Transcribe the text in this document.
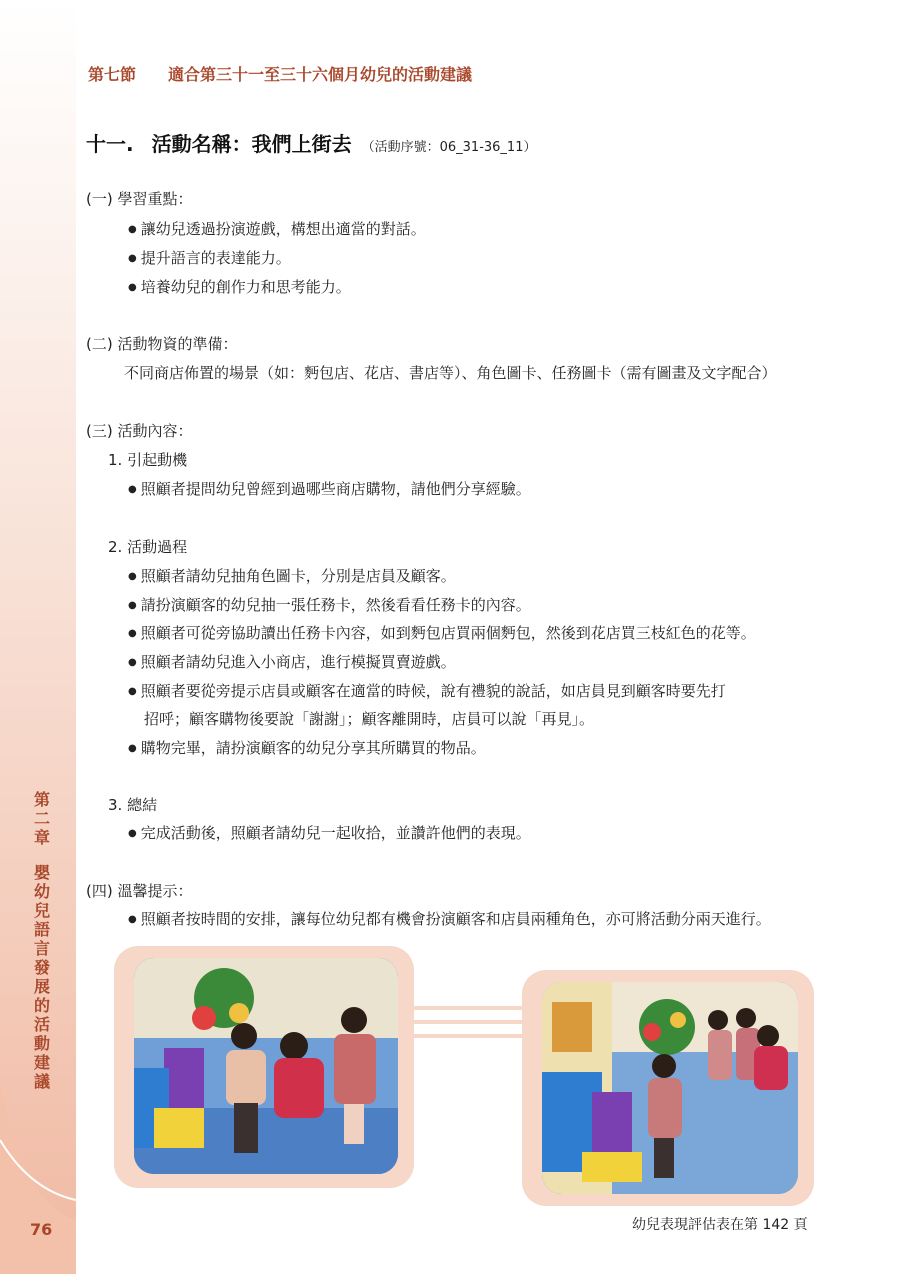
第
二
章
嬰
幼
兒
語
言
發
展
的
活
動
建
議
76
第七節 適合第三十一至三十六個月幼兒的活動建議
十一. 活動名稱：我們上街去 （活動序號：06_31-36_11）
(一) 學習重點：
● 讓幼兒透過扮演遊戲，構想出適當的對話。
● 提升語言的表達能力。
● 培養幼兒的創作力和思考能力。
(二) 活動物資的準備：
不同商店佈置的場景（如：麪包店、花店、書店等）、角色圖卡、任務圖卡（需有圖畫及文字配合）
(三) 活動內容：
1. 引起動機
● 照顧者提問幼兒曾經到過哪些商店購物，請他們分享經驗。
2. 活動過程
● 照顧者請幼兒抽角色圖卡，分別是店員及顧客。
● 請扮演顧客的幼兒抽一張任務卡，然後看看任務卡的內容。
● 照顧者可從旁協助讀出任務卡內容，如到麪包店買兩個麪包，然後到花店買三枝紅色的花等。
● 照顧者請幼兒進入小商店，進行模擬買賣遊戲。
● 照顧者要從旁提示店員或顧客在適當的時候，說有禮貌的說話，如店員見到顧客時要先打
招呼；顧客購物後要說「謝謝」；顧客離開時，店員可以說「再見」。
● 購物完畢，請扮演顧客的幼兒分享其所購買的物品。
3. 總結
● 完成活動後，照顧者請幼兒一起收拾，並讚許他們的表現。
(四) 溫馨提示：
● 照顧者按時間的安排，讓每位幼兒都有機會扮演顧客和店員兩種角色，亦可將活動分兩天進行。
幼兒表現評估表在第 142 頁
